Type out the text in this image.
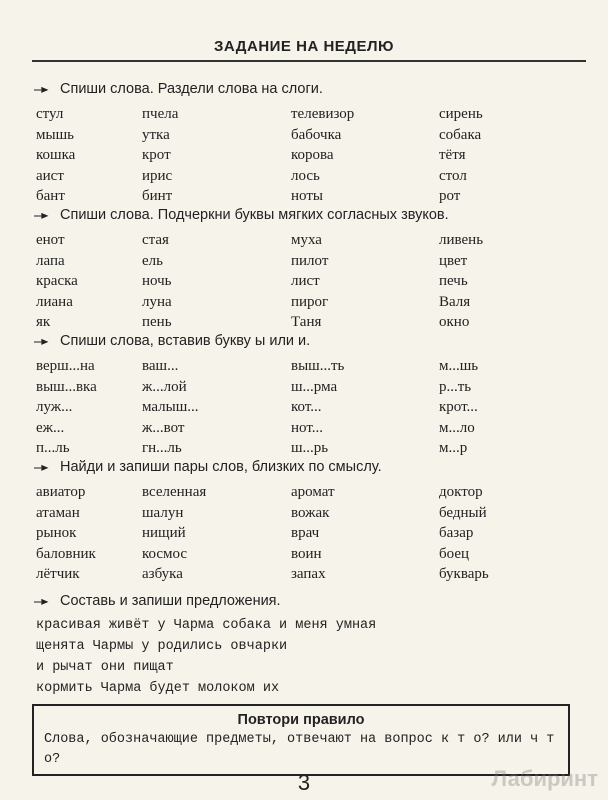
ЗАДАНИЕ НА НЕДЕЛЮ
⎯▸ Спиши слова. Раздели слова на слоги.
стул	пчела	телевизор	сирень
мышь	утка	бабочка	собака
кошка	крот	корова	тётя
аист	ирис	лось	стол
бант	бинт	ноты	рот
⎯▸ Спиши слова. Подчеркни буквы мягких согласных звуков.
енот	стая	муха	ливень
лапа	ель	пилот	цвет
краска	ночь	лист	печь
лиана	луна	пирог	Валя
як	пень	Таня	окно
⎯▸ Спиши слова, вставив букву ы или и.
верш...на	ваш...	выш...ть	м...шь
выш...вка	ж...лой	ш...рма	р...ть
луж...	малыш...	кот...	крот...
еж...	ж...вот	нот...	м...ло
п...ль	гн...ль	ш...рь	м...р
⎯▸ Найди и запиши пары слов, близких по смыслу.
авиатор	вселенная	аромат	доктор
атаман	шалун	вожак	бедный
рынок	нищий	врач	базар
баловник	космос	воин	боец
лётчик	азбука	запах	букварь
⎯▸ Составь и запиши предложения.
красивая живёт у Чарма собака и меня умная
щенята Чармы у родились овчарки
и рычат они пищат
кормить Чарма будет молоком их
Повтори правило
Слова, обозначающие предметы, отвечают на вопрос к т о? или ч т о?
3	Лабиринт
